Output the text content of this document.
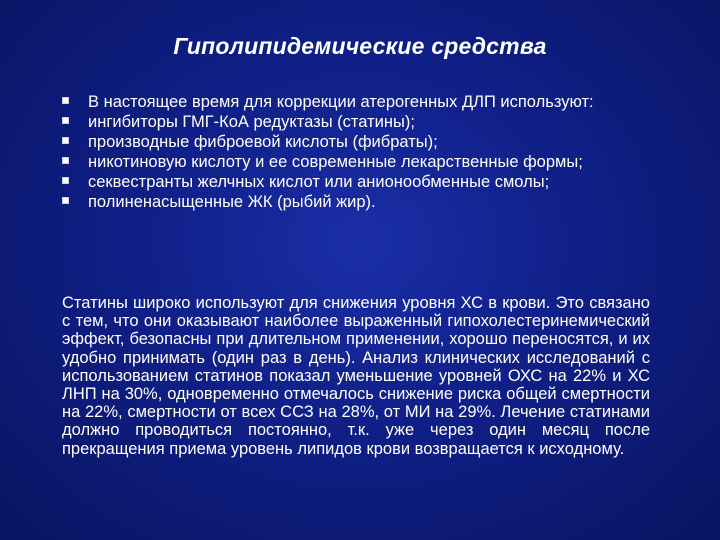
Гиполипидемические средства
В настоящее время для коррекции атерогенных ДЛП используют:
ингибиторы ГМГ-КоА редуктазы (статины);
производные фиброевой кислоты (фибраты);
никотиновую кислоту и ее современные лекарственные формы;
секвестранты желчных кислот или анионообменные смолы;
полиненасыщенные ЖК (рыбий жир).

Статины широко используют для снижения уровня ХС в крови. Это связано с тем, что они оказывают наиболее выраженный гипохолестеринемический эффект, безопасны при длительном применении, хорошо переносятся, и их удобно принимать (один раз в день). Анализ клинических исследований с использованием статинов показал уменьшение уровней ОХС на 22% и ХС ЛНП на 30%, одновременно отмечалось снижение риска общей смертности на 22%, смертности от всех ССЗ на 28%, от МИ на 29%. Лечение статинами должно проводиться постоянно, т.к. уже через один месяц после прекращения приема уровень липидов крови возвращается к исходному.
